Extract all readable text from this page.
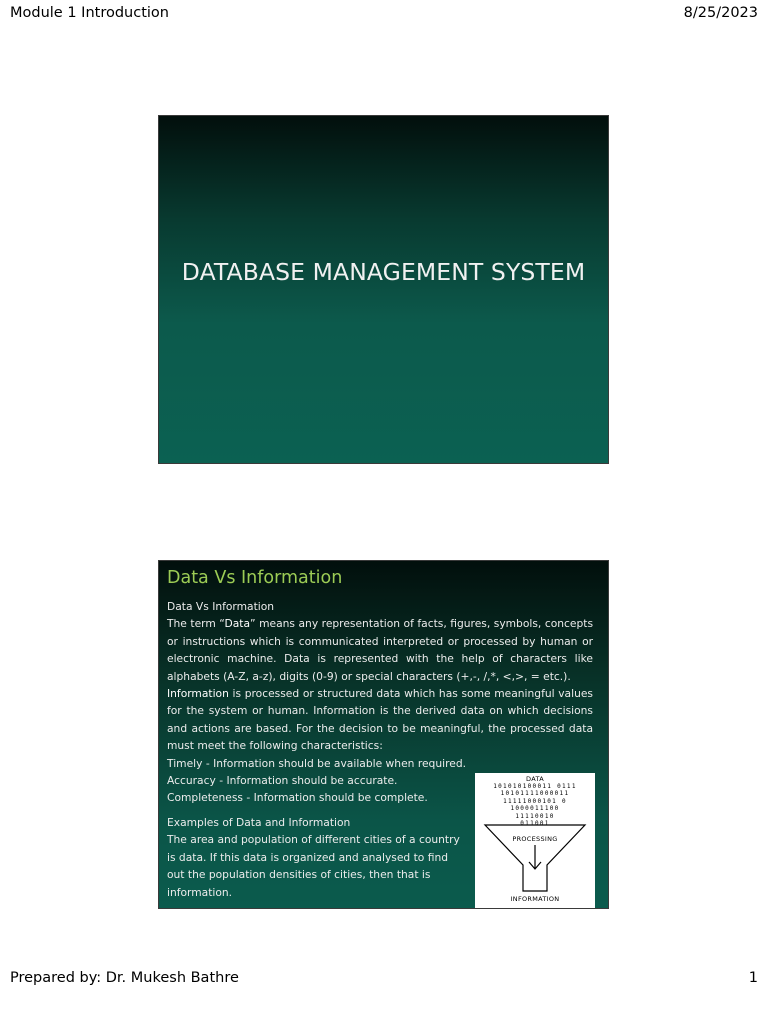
Module 1 Introduction	8/25/2023
DATABASE MANAGEMENT SYSTEM
Data Vs Information

Data Vs Information

The term “Data” means any representation of facts, figures, symbols, concepts or instructions which is communicated interpreted or processed by human or electronic machine. Data is represented with the help of characters like alphabets (A-Z, a-z), digits (0-9) or special characters (+,-, /,*, <,>, = etc.).

Information is processed or structured data which has some meaningful values for the system or human. Information is the derived data on which decisions and actions are based. For the decision to be meaningful, the processed data must meet the following characteristics:

Timely - Information should be available when required.

Accuracy - Information should be accurate.

Completeness - Information should be complete.

Examples of Data and Information

The area and population of different cities of a country is data. If this data is organized and analysed to find out the population densities of cities, then that is information.

DATA
101010100011 0111
10101111000011
11111000101 0
1000011100
11110010
011001
PROCESSING
INFORMATION
Prepared by: Dr. Mukesh Bathre	1
